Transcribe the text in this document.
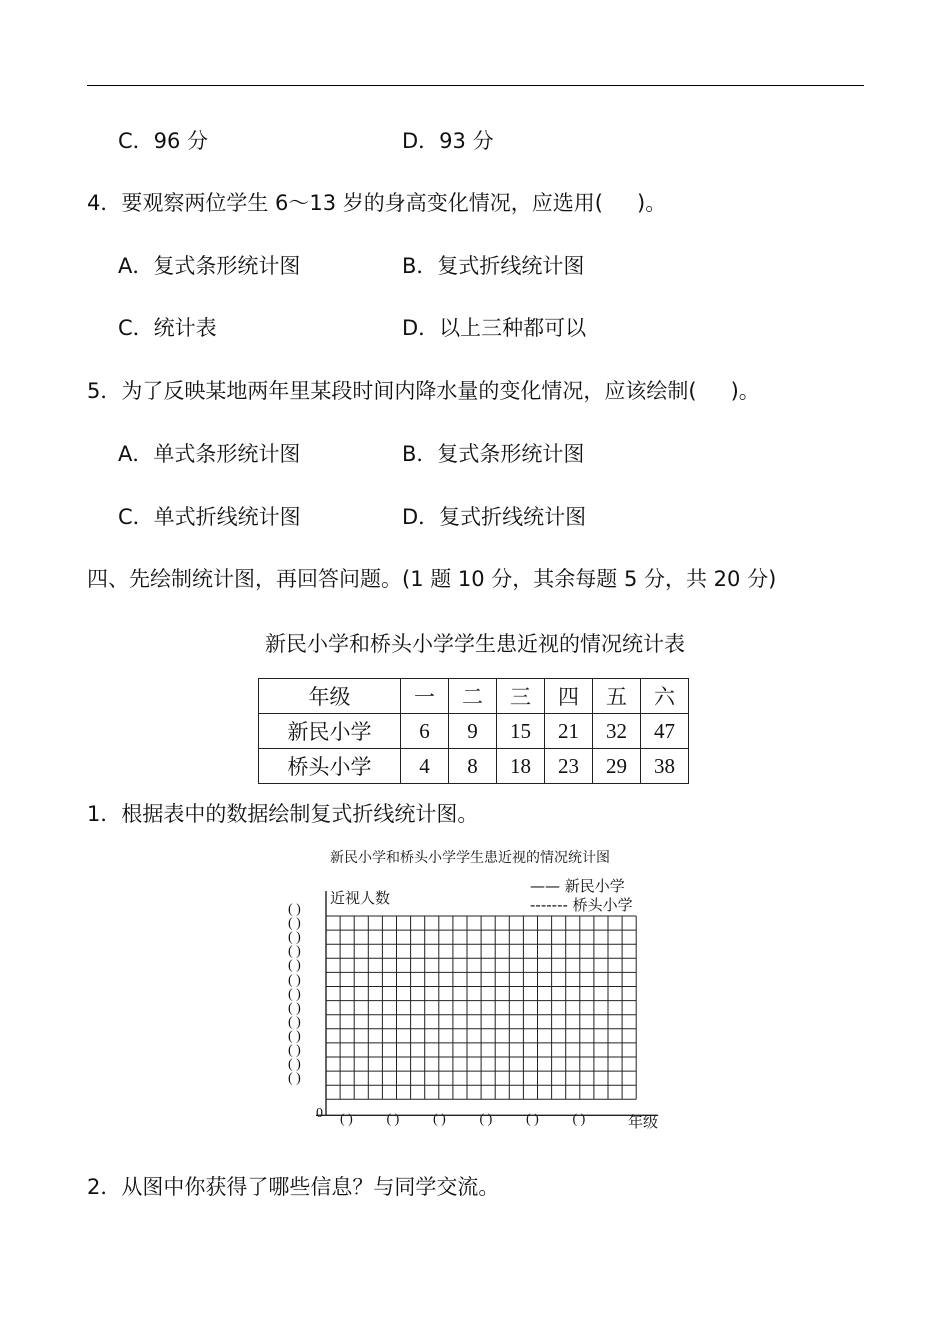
C．96 分	D．93 分
4．要观察两位学生 6～13 岁的身高变化情况，应选用( )。
A．复式条形统计图	B．复式折线统计图
C．统计表	D．以上三种都可以
5．为了反映某地两年里某段时间内降水量的变化情况，应该绘制( )。
A．单式条形统计图	B．复式条形统计图
C．单式折线统计图	D．复式折线统计图
四、先绘制统计图，再回答问题。(1 题 10 分，其余每题 5 分，共 20 分)
新民小学和桥头小学学生患近视的情况统计表
年级	一	二	三	四	五	六
新民小学	6	9	15	21	32	47
桥头小学	4	8	18	23	29	38
1．根据表中的数据绘制复式折线统计图。
新民小学和桥头小学学生患近视的情况统计图
近视人数
—— 新民小学
------- 桥头小学
0	年级
( )
( )
( )
( )
( )
( )
( )
( )
( )
( )
( )
( )
( )
( ) ( ) ( ) ( ) ( ) ( )
2．从图中你获得了哪些信息？与同学交流。
